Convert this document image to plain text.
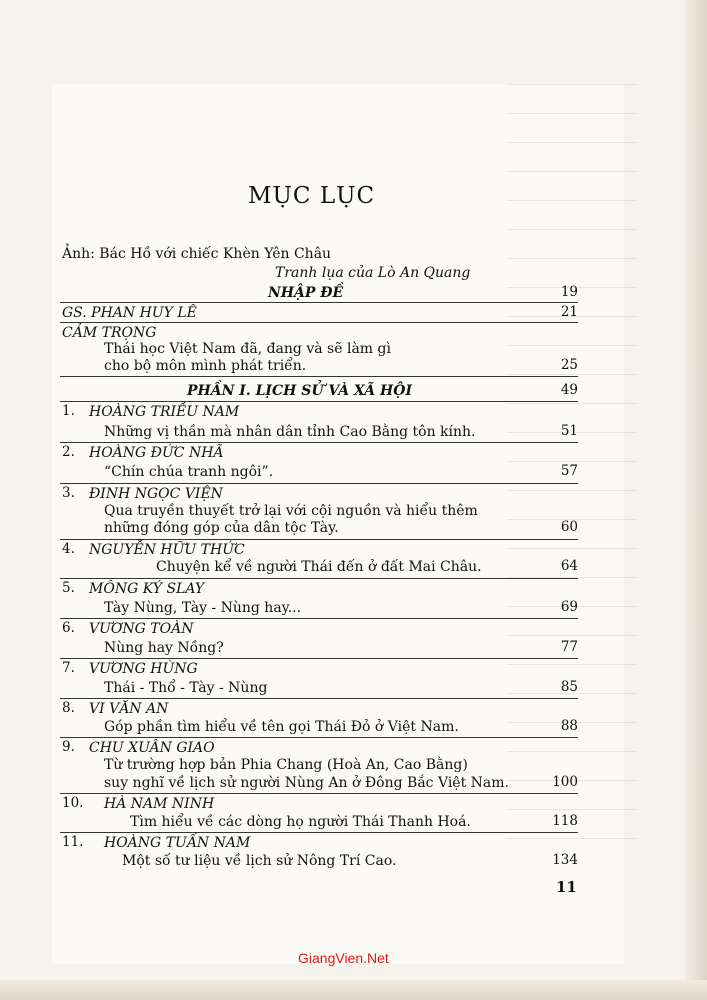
MỤC LỤC
Ảnh: Bác Hồ với chiếc Khèn Yên Châu
Tranh lụa của Lò An Quang
NHẬP ĐỀ	19
GS. PHAN HUY LÊ	21
CẢM TRỌNG
Thái học Việt Nam đã, đang và sẽ làm gì
cho bộ môn mình phát triển.	25
PHẦN I. LỊCH SỬ VÀ XÃ HỘI	49
1. HOÀNG TRIỀU NAM
Những vị thần mà nhân dân tỉnh Cao Bằng tôn kính.	51
2. HOÀNG ĐỨC NHÃ
“Chín chúa tranh ngôi”.	57
3. ĐINH NGỌC VIỆN
Qua truyền thuyết trở lại với cội nguồn và hiểu thêm
những đóng góp của dân tộc Tày.	60
4. NGUYỄN HỮU THỨC
Chuyện kể về người Thái đến ở đất Mai Châu.	64
5. MÔNG KÝ SLAY
Tày Nùng, Tày - Nùng hay...	69
6. VƯƠNG TOÀN
Nùng hay Nồng?	77
7. VƯƠNG HÙNG
Thái - Thổ - Tày - Nùng	85
8. VI VĂN AN
Góp phần tìm hiểu về tên gọi Thái Đỏ ở Việt Nam.	88
9. CHU XUÂN GIAO
Từ trường hợp bản Phia Chang (Hoà An, Cao Bằng)
suy nghĩ về lịch sử người Nùng An ở Đông Bắc Việt Nam.	100
10. HÀ NAM NINH
Tìm hiểu về các dòng họ người Thái Thanh Hoá.	118
11. HOÀNG TUẤN NAM
Một số tư liệu về lịch sử Nông Trí Cao.	134
11
GiangVien.Net
